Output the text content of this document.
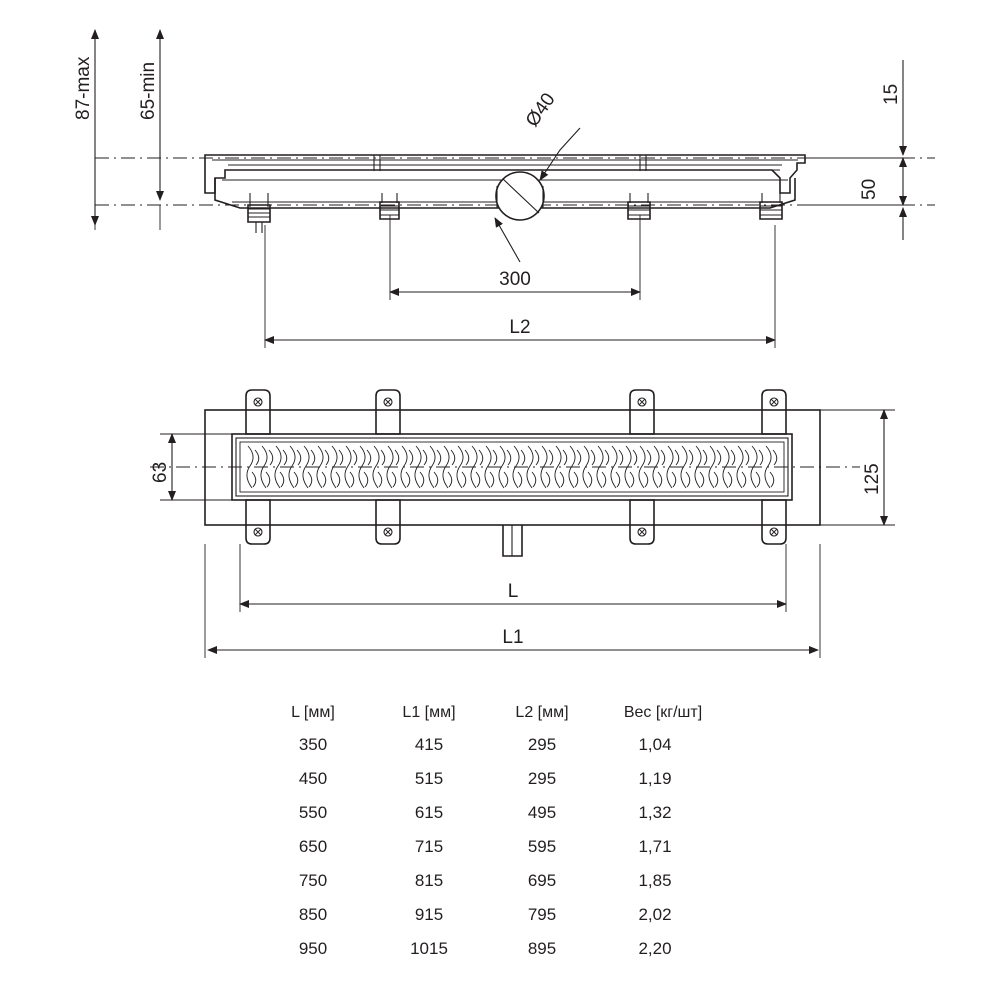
Ø40
87-max 65-min	15
50
300
L2
63	125
L
L1
L [мм]	L1 [мм]	L2 [мм]	Вес [кг/шт]
350	415	295	1,04
450	515	295	1,19
550	615	495	1,32
650	715	595	1,71
750	815	695	1,85
850	915	795	2,02
950	1015	895	2,20
